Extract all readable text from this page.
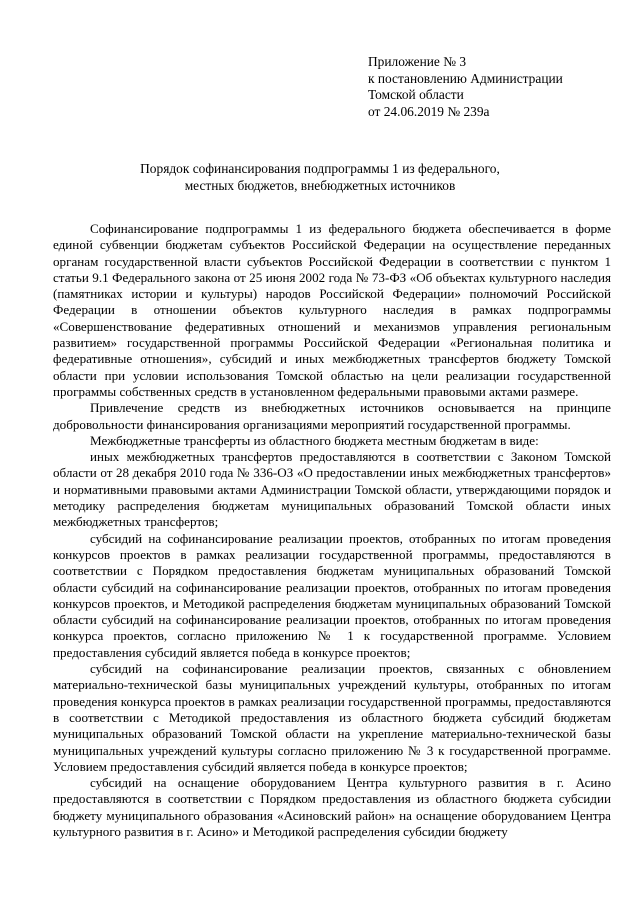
Приложение № 3
к постановлению Администрации
Томской области
от 24.06.2019 № 239а
Порядок софинансирования подпрограммы 1 из федерального,
местных бюджетов, внебюджетных источников

Софинансирование подпрограммы 1 из федерального бюджета обеспечивается в форме единой субвенции бюджетам субъектов Российской Федерации на осуществление переданных органам государственной власти субъектов Российской Федерации в соответствии с пунктом 1 статьи 9.1 Федерального закона от 25 июня 2002 года № 73-ФЗ «Об объектах культурного наследия (памятниках истории и культуры) народов Российской Федерации» полномочий Российской Федерации в отношении объектов культурного наследия в рамках подпрограммы «Совершенствование федеративных отношений и механизмов управления региональным развитием» государственной программы Российской Федерации «Региональная политика и федеративные отношения», субсидий и иных межбюджетных трансфертов бюджету Томской области при условии использования Томской областью на цели реализации государственной программы собственных средств в установленном федеральными правовыми актами размере.

Привлечение средств из внебюджетных источников основывается на принципе добровольности финансирования организациями мероприятий государственной программы.

Межбюджетные трансферты из областного бюджета местным бюджетам в виде:

иных межбюджетных трансфертов предоставляются в соответствии с Законом Томской области от 28 декабря 2010 года № 336-ОЗ «О предоставлении иных межбюджетных трансфертов» и нормативными правовыми актами Администрации Томской области, утверждающими порядок и методику распределения бюджетам муниципальных образований Томской области иных межбюджетных трансфертов;

субсидий на софинансирование реализации проектов, отобранных по итогам проведения конкурсов проектов в рамках реализации государственной программы, предоставляются в соответствии с Порядком предоставления бюджетам муниципальных образований Томской области субсидий на софинансирование реализации проектов, отобранных по итогам проведения конкурсов проектов, и Методикой распределения бюджетам муниципальных образований Томской области субсидий на софинансирование реализации проектов, отобранных по итогам проведения конкурса проектов, согласно приложению № 1 к государственной программе. Условием предоставления субсидий является победа в конкурсе проектов;

субсидий на софинансирование реализации проектов, связанных с обновлением материально-технической базы муниципальных учреждений культуры, отобранных по итогам проведения конкурса проектов в рамках реализации государственной программы, предоставляются в соответствии с Методикой предоставления из областного бюджета субсидий бюджетам муниципальных образований Томской области на укрепление материально-технической базы муниципальных учреждений культуры согласно приложению № 3 к государственной программе. Условием предоставления субсидий является победа в конкурсе проектов;

субсидий на оснащение оборудованием Центра культурного развития в г. Асино предоставляются в соответствии с Порядком предоставления из областного бюджета субсидии бюджету муниципального образования «Асиновский район» на оснащение оборудованием Центра культурного развития в г. Асино» и Методикой распределения субсидии бюджету
